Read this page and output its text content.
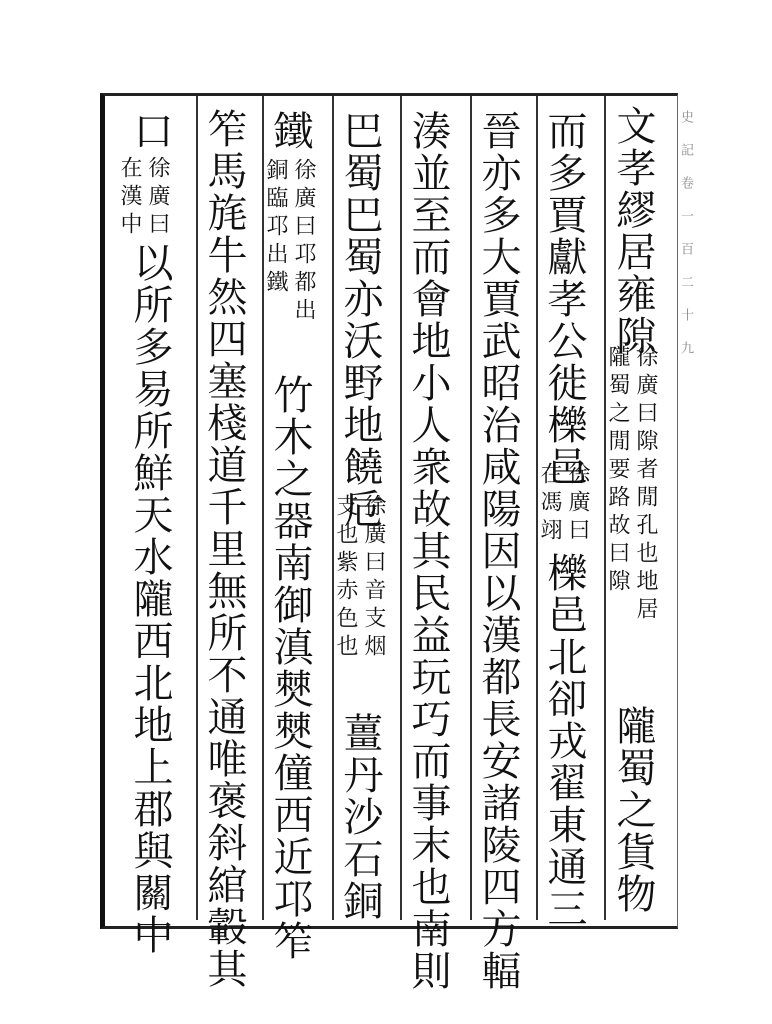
史記卷一百二十九
文孝繆居雍隙
徐廣曰隙者閒孔也地居
隴蜀之閒要路故曰隙
隴蜀之貨物
而多賈獻孝公徙櫟邑
徐廣曰
在馮翊
櫟邑北卻戎翟東通三
晉亦多大賈武昭治咸陽因以漢都長安諸陵四方輻
湊並至而會地小人衆故其民益玩巧而事末也南則
巴蜀巴蜀亦沃野地饒卮
徐廣曰音支烟
支也紫赤色也
薑丹沙石銅
鐵
徐廣曰邛都出
銅臨邛出鐵
竹木之器南御滇僰僰僮西近邛笮
笮馬旄牛然四塞棧道千里無所不通唯褒斜綰轂其
口
徐廣曰
在漢中
以所多易所鮮天水隴西北地上郡與關中
